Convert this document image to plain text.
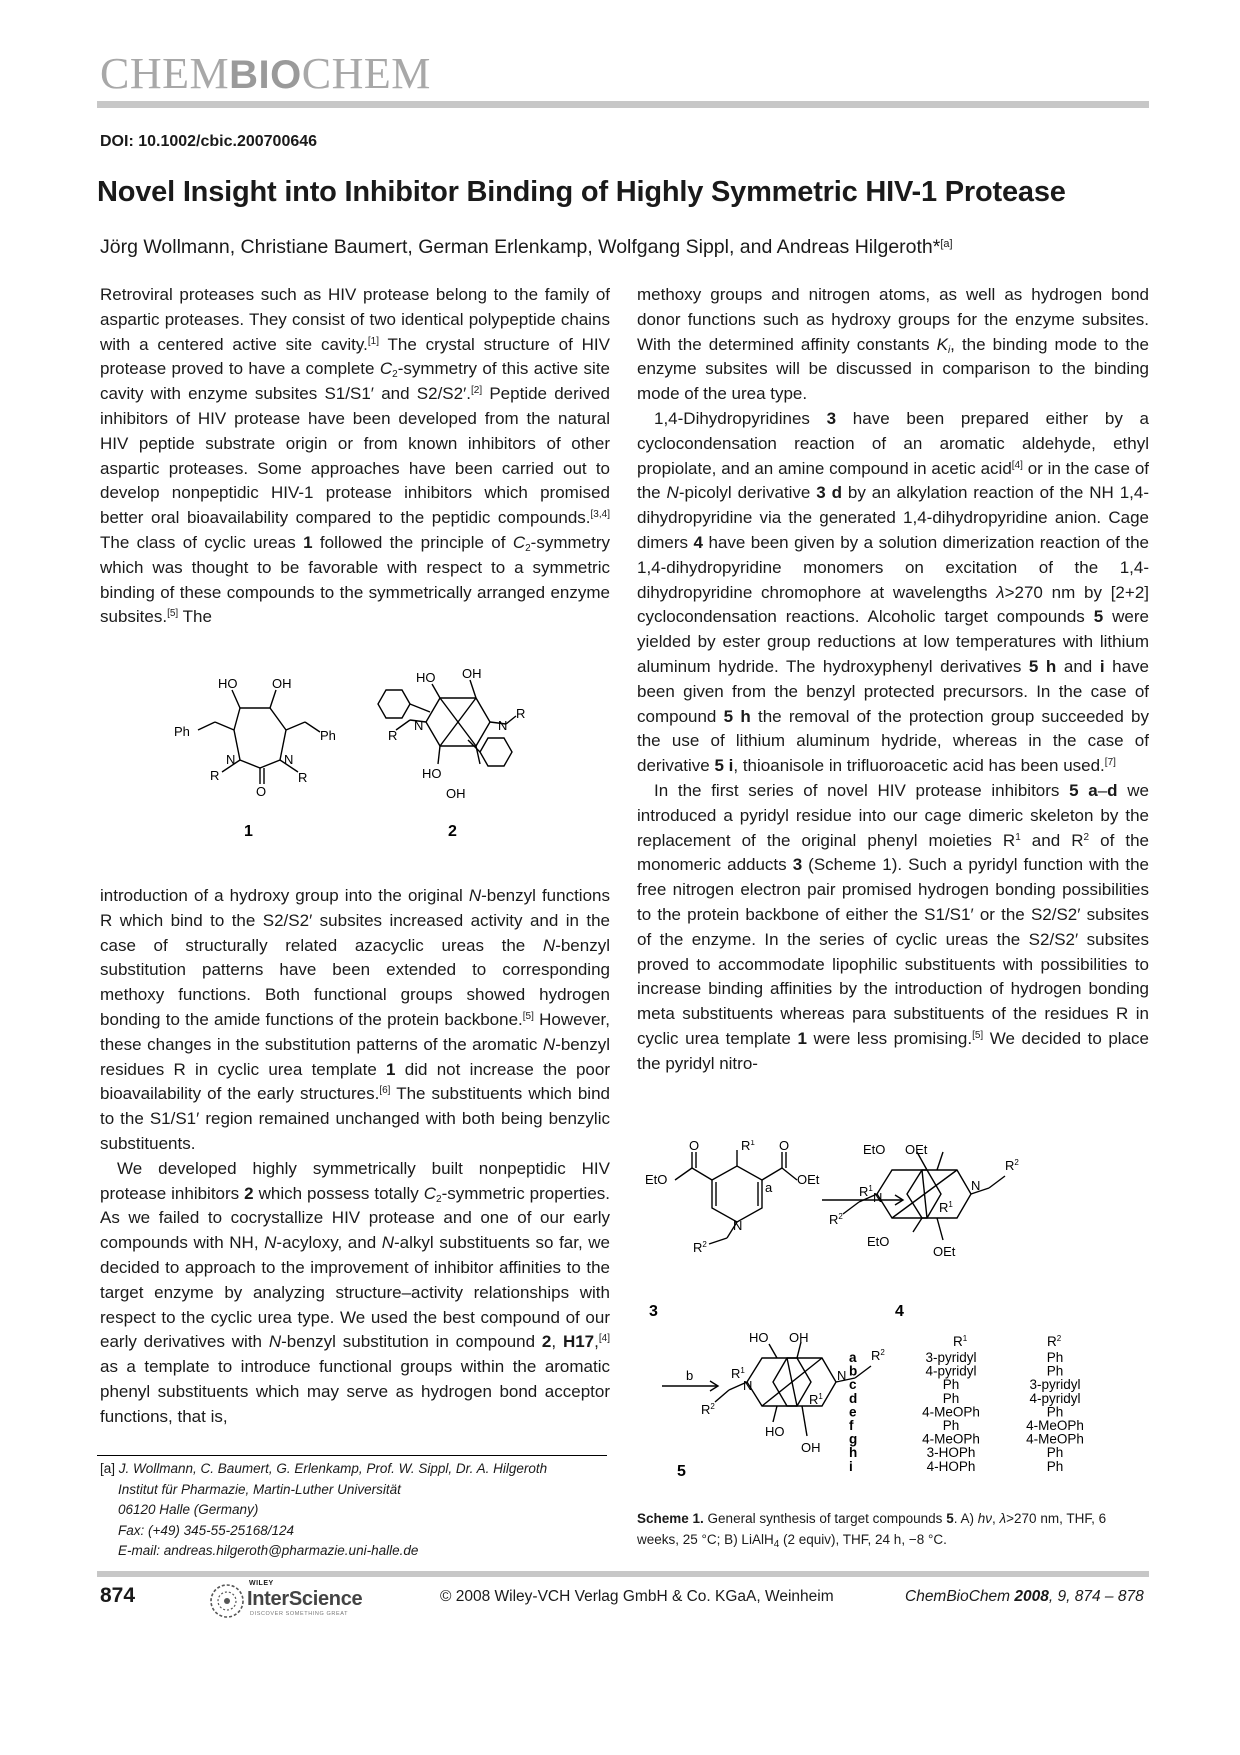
CHEMBIOCHEM
DOI: 10.1002/cbic.200700646
Novel Insight into Inhibitor Binding of Highly Symmetric HIV-1 Protease
Jörg Wollmann, Christiane Baumert, German Erlenkamp, Wolfgang Sippl, and Andreas Hilgeroth*[a]

Retroviral proteases such as HIV protease belong to the family of aspartic proteases. They consist of two identical polypeptide chains with a centered active site cavity.[1] The crystal structure of HIV protease proved to have a complete $C_2$-symmetry of this active site cavity with enzyme subsites S1/S1′ and S2/S2′.[2] Peptide derived inhibitors of HIV protease have been developed from the natural HIV peptide substrate origin or from known inhibitors of other aspartic proteases. Some approaches have been carried out to develop nonpeptidic HIV-1 protease inhibitors which promised better oral bioavailability compared to the peptidic compounds.[3,4] The class of cyclic ureas 1 followed the principle of $C_2$-symmetry which was thought to be favorable with respect to a symmetric binding of these compounds to the symmetrically arranged enzyme subsites.[5] The

HO	OH
Ph	Ph
N	N
R	R
O
HO OH
N
R
N
R
HO
OH
1	2

introduction of a hydroxy group into the original N-benzyl functions R which bind to the S2/S2′ subsites increased activity and in the case of structurally related azacyclic ureas the N-benzyl substitution patterns have been extended to corresponding methoxy functions. Both functional groups showed hydrogen bonding to the amide functions of the protein backbone.[5] However, these changes in the substitution patterns of the aromatic N-benzyl residues R in cyclic urea template 1 did not increase the poor bioavailability of the early structures.[6] The substituents which bind to the S1/S1′ region remained unchanged with both being benzylic substituents.

We developed highly symmetrically built nonpeptidic HIV protease inhibitors 2 which possess totally $C_2$-symmetric properties. As we failed to cocrystallize HIV protease and one of our early compounds with NH, N-acyloxy, and N-alkyl substituents so far, we decided to approach to the improvement of inhibitor affinities to the target enzyme by analyzing structure–activity relationships with respect to the cyclic urea type. We used the best compound of our early derivatives with N-benzyl substitution in compound 2, H17,[4] as a template to introduce functional groups within the aromatic phenyl substituents which may serve as hydrogen bond acceptor functions, that is,

methoxy groups and nitrogen atoms, as well as hydrogen bond donor functions such as hydroxy groups for the enzyme subsites. With the determined affinity constants $K_i$, the binding mode to the enzyme subsites will be discussed in comparison to the binding mode of the urea type.

1,4-Dihydropyridines 3 have been prepared either by a cyclocondensation reaction of an aromatic aldehyde, ethyl propiolate, and an amine compound in acetic acid[4] or in the case of the N-picolyl derivative 3 d by an alkylation reaction of the NH 1,4-dihydropyridine via the generated 1,4-dihydropyridine anion. Cage dimers 4 have been given by a solution dimerization reaction of the 1,4-dihydropyridine monomers on excitation of the 1,4-dihydropyridine chromophore at wavelengths λ>270 nm by [2+2] cyclocondensation reactions. Alcoholic target compounds 5 were yielded by ester group reductions at low temperatures with lithium aluminum hydride. The hydroxyphenyl derivatives 5 h and i have been given from the benzyl protected precursors. In the case of compound 5 h the removal of the protection group succeeded by the use of lithium aluminum hydride, whereas in the case of derivative 5 i, thioanisole in trifluoroacetic acid has been used.[7]

In the first series of novel HIV protease inhibitors 5 a–d we introduced a pyridyl residue into our cage dimeric skeleton by the replacement of the original phenyl moieties $R^1$ and $R^2$ of the monomeric adducts 3 (Scheme 1). Such a pyridyl function with the free nitrogen electron pair promised hydrogen bonding possibilities to the protein backbone of either the S1/S1′ or the S2/S2′ subsites of the enzyme. In the series of cyclic ureas the S2/S2′ subsites proved to accommodate lipophilic substituents with possibilities to increase binding affinities by the introduction of hydrogen bonding meta substituents whereas para substituents of the residues R in cyclic urea template 1 were less promising.[5] We decided to place the pyridyl nitro-

O	O
$R^1$
EtO	OEt
N
$R^2$
a
EtO OEt
$R^1$
N
N
$R^2$
$R^1$
$R^2$
EtO
OEt
HO OH
$R^1$
N
N
$R^2$
$R^1$
$R^2$
HO
OH
b
3	4
5
$R^1$	$R^2$
a	3-pyridyl	Ph
b	4-pyridyl	Ph
c	Ph	3-pyridyl
d	Ph	4-pyridyl
e	4-MeOPh	Ph
f	Ph	4-MeOPh
g	4-MeOPh	4-MeOPh
h	3-HOPh	Ph
i	4-HOPh	Ph
[a] J. Wollmann, C. Baumert, G. Erlenkamp, Prof. W. Sippl, Dr. A. Hilgeroth
Institut für Pharmazie, Martin-Luther Universität
06120 Halle (Germany)
Fax: (+49) 345-55-25168/124
E-mail: andreas.hilgeroth@pharmazie.uni-halle.de
Scheme 1. General synthesis of target compounds 5. A) hν, λ>270 nm, THF, 6 weeks, 25 °C; B) LiAlH$_4$ (2 equiv), THF, 24 h, −8 °C.
874
WILEY
InterScience
DISCOVER SOMETHING GREAT
© 2008 Wiley-VCH Verlag GmbH & Co. KGaA, Weinheim	ChemBioChem 2008, 9, 874 – 878
